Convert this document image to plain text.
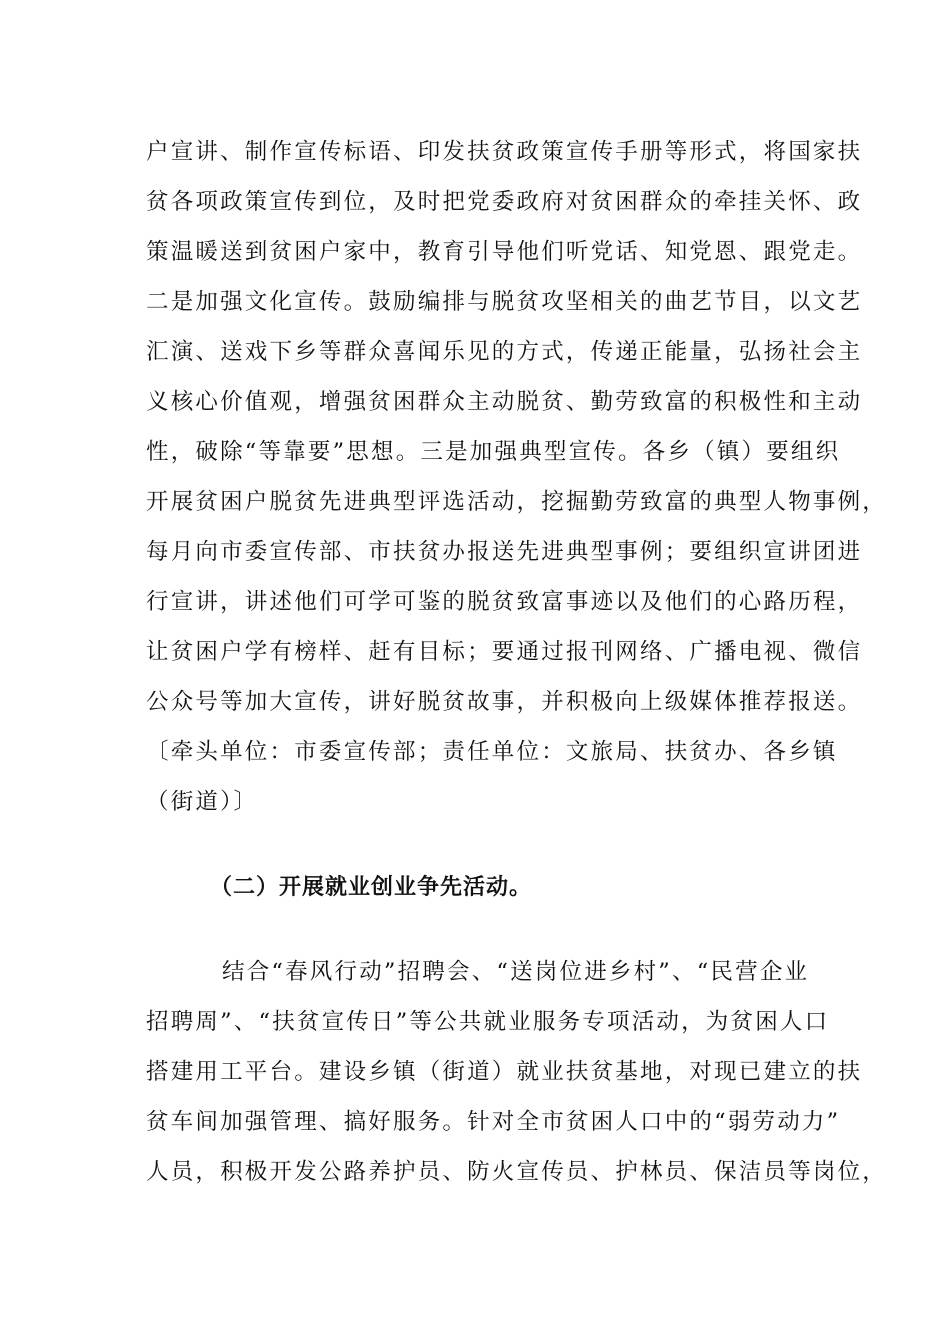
户宣讲、制作宣传标语、印发扶贫政策宣传手册等形式，将国家扶
贫各项政策宣传到位，及时把党委政府对贫困群众的牵挂关怀、政
策温暖送到贫困户家中，教育引导他们听党话、知党恩、跟党走。
二是加强文化宣传。鼓励编排与脱贫攻坚相关的曲艺节目，以文艺
汇演、送戏下乡等群众喜闻乐见的方式，传递正能量，弘扬社会主
义核心价值观，增强贫困群众主动脱贫、勤劳致富的积极性和主动
性，破除“等靠要”思想。三是加强典型宣传。各乡（镇）要组织
开展贫困户脱贫先进典型评选活动，挖掘勤劳致富的典型人物事例，
每月向市委宣传部、市扶贫办报送先进典型事例；要组织宣讲团进
行宣讲，讲述他们可学可鉴的脱贫致富事迹以及他们的心路历程，
让贫困户学有榜样、赶有目标；要通过报刊网络、广播电视、微信
公众号等加大宣传，讲好脱贫故事，并积极向上级媒体推荐报送。
〔牵头单位：市委宣传部；责任单位：文旅局、扶贫办、各乡镇
（街道）〕
（二）开展就业创业争先活动。
结合“春风行动”招聘会、“送岗位进乡村”、“民营企业
招聘周”、“扶贫宣传日”等公共就业服务专项活动，为贫困人口
搭建用工平台。建设乡镇（街道）就业扶贫基地，对现已建立的扶
贫车间加强管理、搞好服务。针对全市贫困人口中的“弱劳动力”
人员，积极开发公路养护员、防火宣传员、护林员、保洁员等岗位，
